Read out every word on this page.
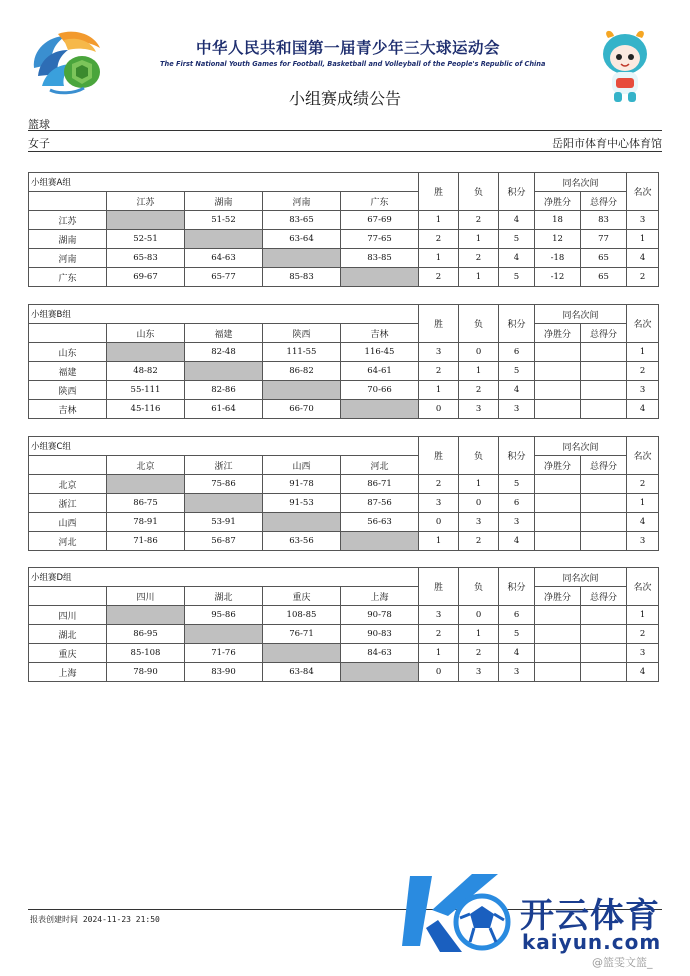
中华人民共和国第一届青少年三大球运动会
The First National Youth Games for Football, Basketball and Volleyball of the People's Republic of China
小组赛成绩公告
篮球
女子	岳阳市体育中心体育馆
小组赛A组					胜	负	积分	同名次间		名次
	江苏	湖南	河南	广东				净胜分	总得分	
江苏		51-52	83-65	67-69	1	2	4	18	83	3
湖南	52-51		63-64	77-65	2	1	5	12	77	1
河南	65-83	64-63		83-85	1	2	4	-18	65	4
广东	69-67	65-77	85-83		2	1	5	-12	65	2
小组赛B组					胜	负	积分	同名次间		名次
	山东	福建	陕西	吉林				净胜分	总得分	
山东		82-48	111-55	116-45	3	0	6			1
福建	48-82		86-82	64-61	2	1	5			2
陕西	55-111	82-86		70-66	1	2	4			3
吉林	45-116	61-64	66-70		0	3	3			4
小组赛C组					胜	负	积分	同名次间		名次
	北京	浙江	山西	河北				净胜分	总得分	
北京		75-86	91-78	86-71	2	1	5			2
浙江	86-75		91-53	87-56	3	0	6			1
山西	78-91	53-91		56-63	0	3	3			4
河北	71-86	56-87	63-56		1	2	4			3
小组赛D组					胜	负	积分	同名次间		名次
	四川	湖北	重庆	上海				净胜分	总得分	
四川		95-86	108-85	90-78	3	0	6			1
湖北	86-95		76-71	90-83	2	1	5			2
重庆	85-108	71-76		84-63	1	2	4			3
上海	78-90	83-90	63-84		0	3	3			4
报表创建时间 2024-11-23 21:50	开云体育
kaiyun.com
@篮雯文篮_
